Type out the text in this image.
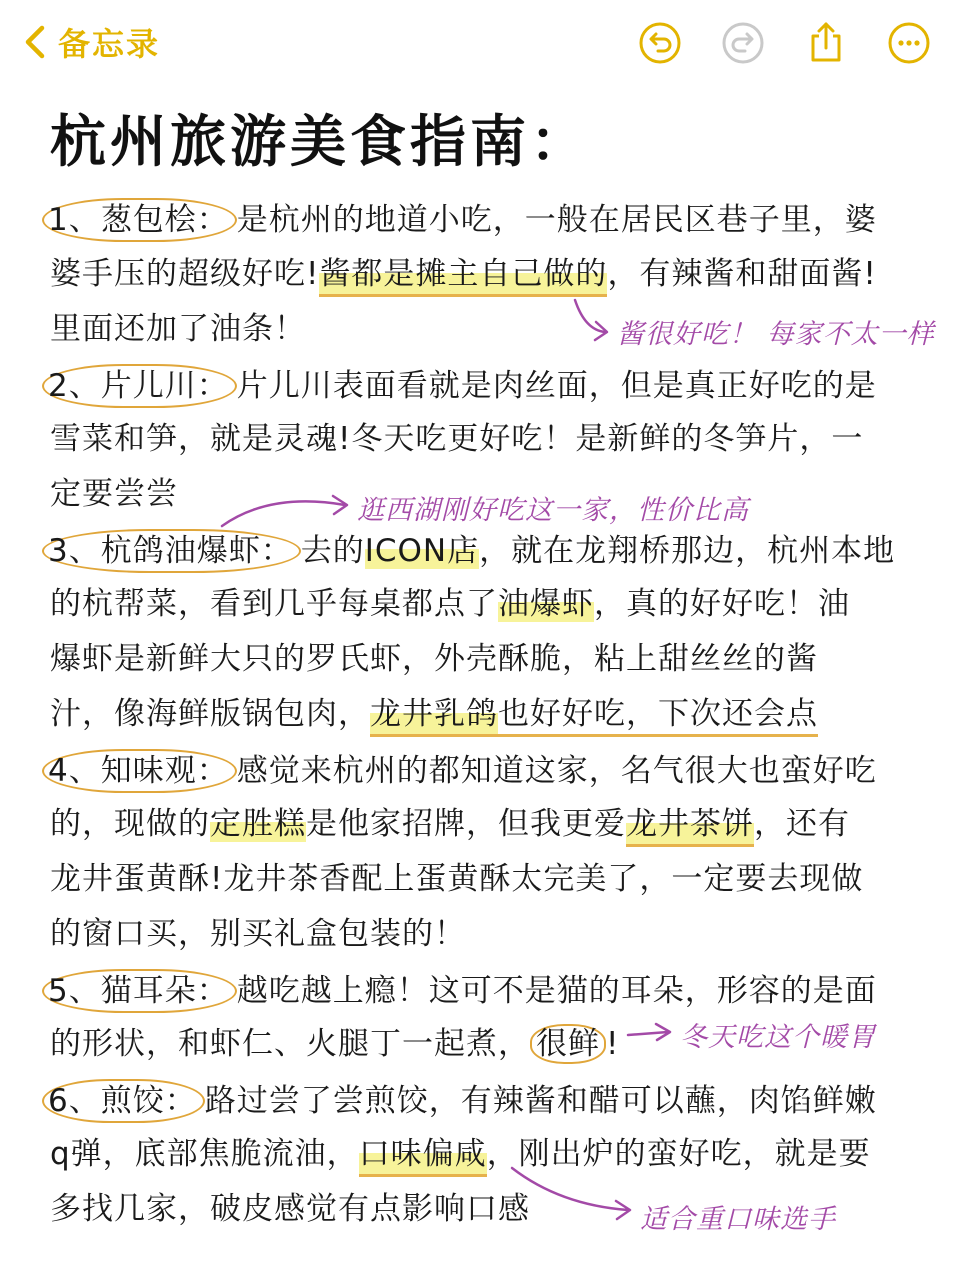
备忘录
杭州旅游美食指南：
1、葱包桧： 是杭州的地道小吃，一般在居民区巷子里，婆
婆手压的超级好吃!酱都是摊主自己做的，有辣酱和甜面酱!
里面还加了油条！	酱很好吃！ 每家不太一样
2、片儿川： 片儿川表面看就是肉丝面，但是真正好吃的是
雪菜和笋，就是灵魂!冬天吃更好吃！是新鲜的冬笋片，一
定要尝尝	逛西湖刚好吃这一家，性价比高
3、杭鸽油爆虾： 去的ICON店，就在龙翔桥那边，杭州本地
的杭帮菜，看到几乎每桌都点了油爆虾，真的好好吃！油
爆虾是新鲜大只的罗氏虾，外壳酥脆，粘上甜丝丝的酱
汁，像海鲜版锅包肉，龙井乳鸽也好好吃，下次还会点
4、知味观： 感觉来杭州的都知道这家，名气很大也蛮好吃
的，现做的定胜糕是他家招牌，但我更爱龙井茶饼，还有
龙井蛋黄酥!龙井茶香配上蛋黄酥太完美了，一定要去现做
的窗口买，别买礼盒包装的！
5、猫耳朵： 越吃越上瘾！这可不是猫的耳朵，形容的是面
的形状，和虾仁、火腿丁一起煮， 很鲜 ! 冬天吃这个暖胃
6、煎饺： 路过尝了尝煎饺，有辣酱和醋可以蘸，肉馅鲜嫩
q弹，底部焦脆流油，口味偏咸，刚出炉的蛮好吃，就是要
多找几家，破皮感觉有点影响口感	适合重口味选手
